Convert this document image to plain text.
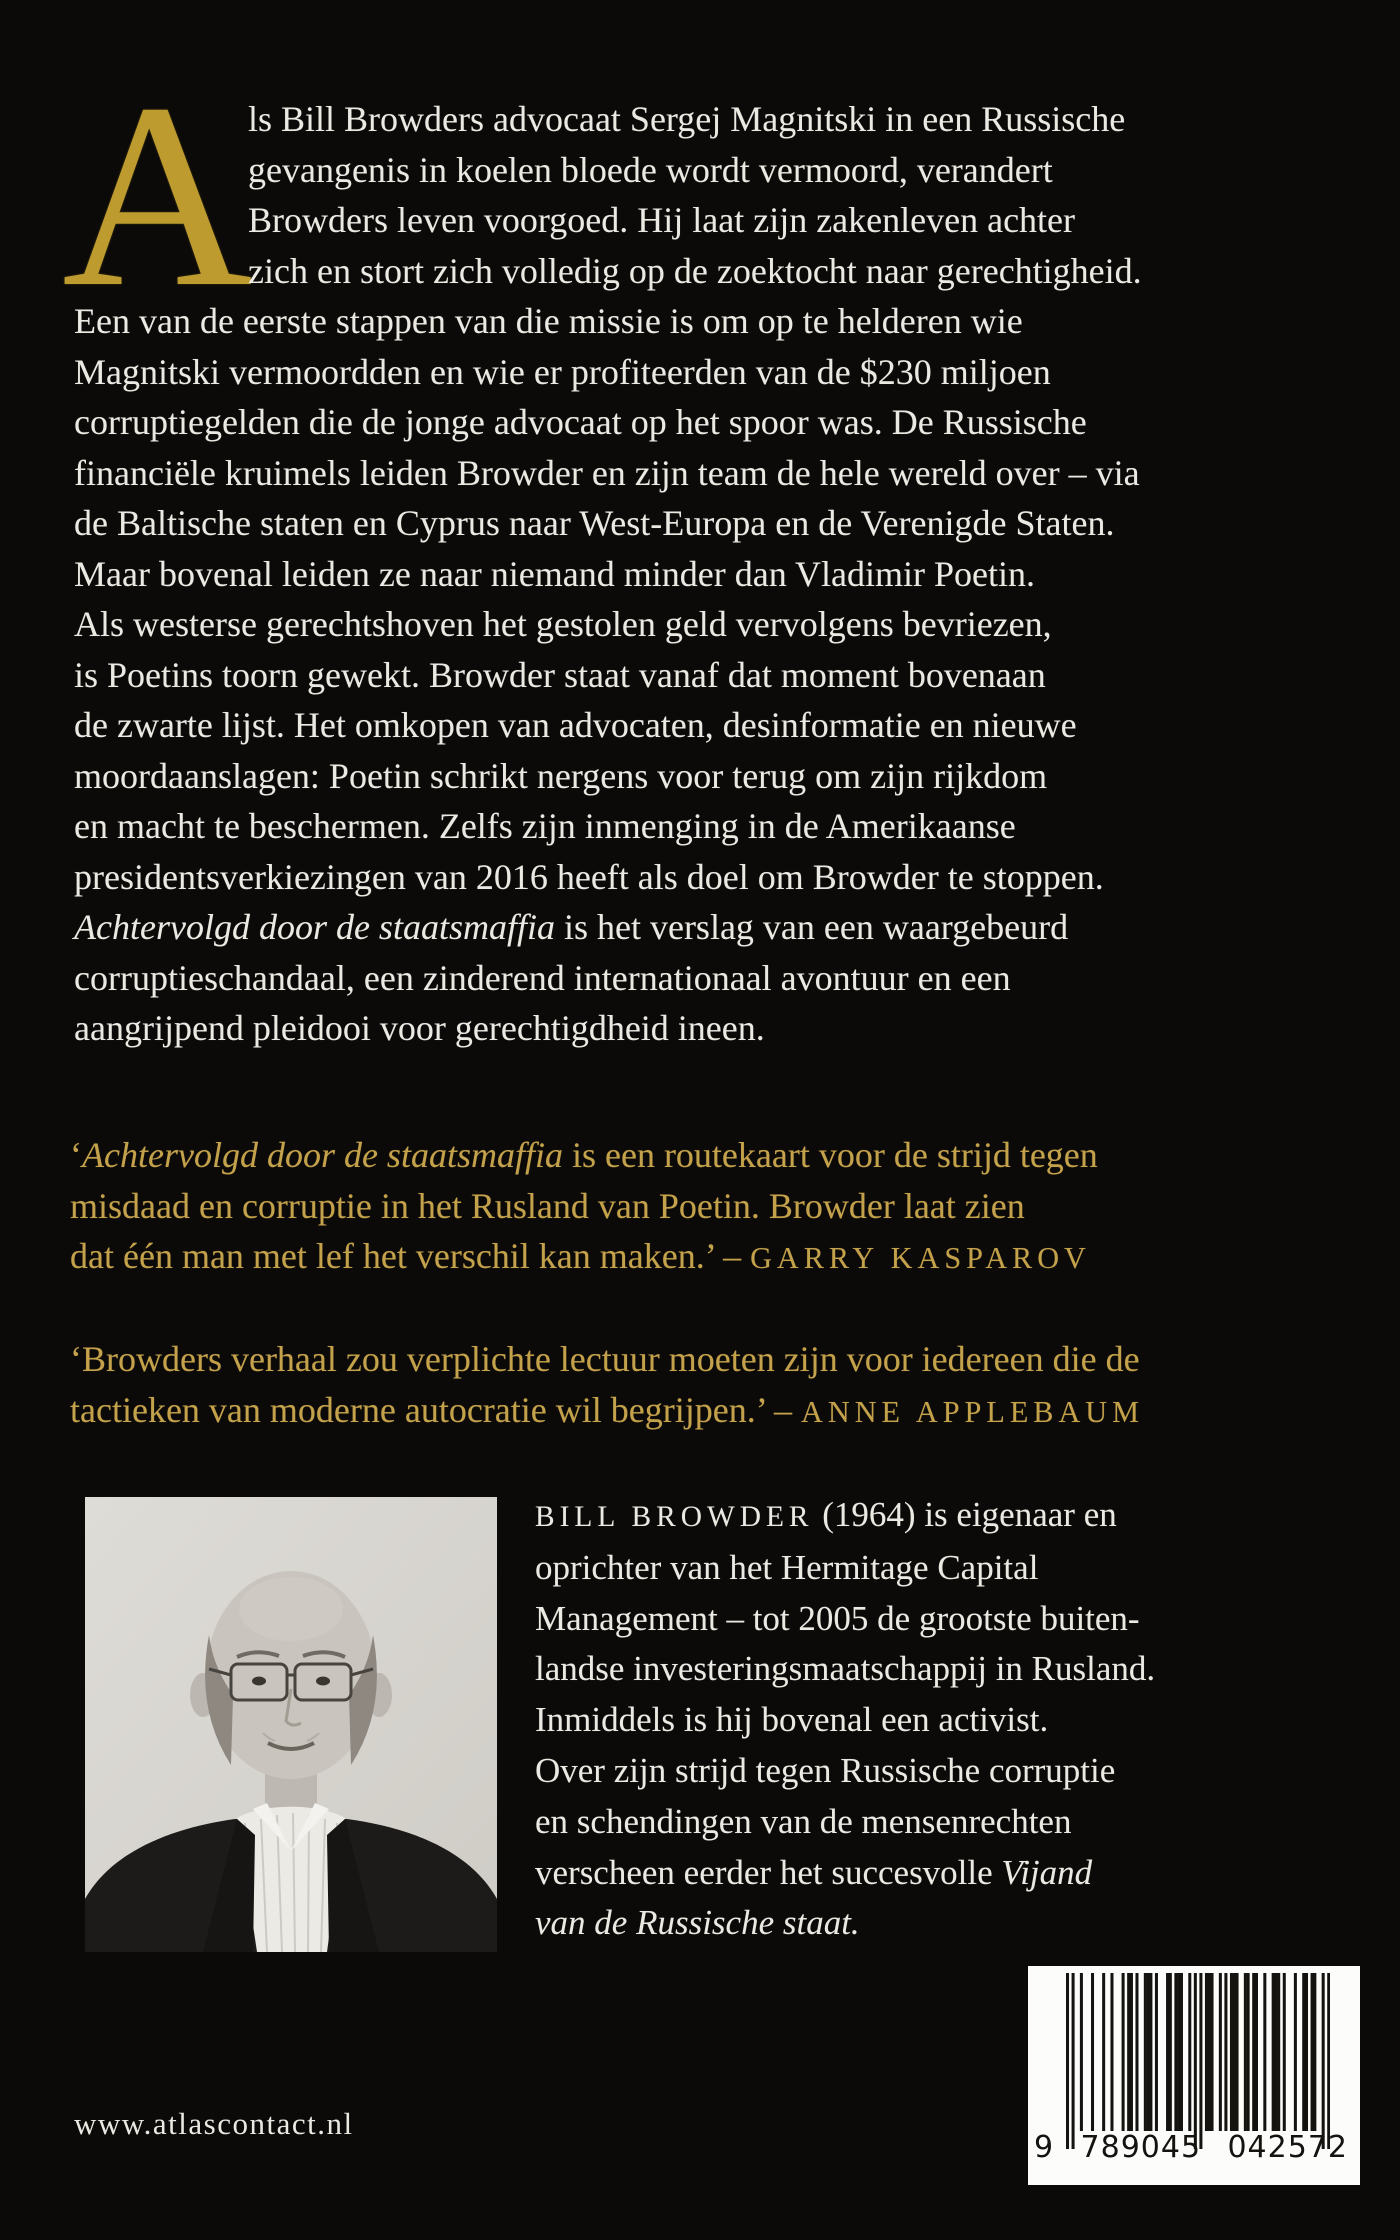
A
ls Bill Browders advocaat Sergej Magnitski in een Russische
gevangenis in koelen bloede wordt vermoord, verandert
Browders leven voorgoed. Hij laat zijn zakenleven achter
zich en stort zich volledig op de zoektocht naar gerechtigheid.
Een van de eerste stappen van die missie is om op te helderen wie
Magnitski vermoordden en wie er profiteerden van de $230 miljoen
corruptiegelden die de jonge advocaat op het spoor was. De Russische
financiële kruimels leiden Browder en zijn team de hele wereld over – via
de Baltische staten en Cyprus naar West-Europa en de Verenigde Staten.
Maar bovenal leiden ze naar niemand minder dan Vladimir Poetin.
Als westerse gerechtshoven het gestolen geld vervolgens bevriezen,
is Poetins toorn gewekt. Browder staat vanaf dat moment bovenaan
de zwarte lijst. Het omkopen van advocaten, desinformatie en nieuwe
moordaanslagen: Poetin schrikt nergens voor terug om zijn rijkdom
en macht te beschermen. Zelfs zijn inmenging in de Amerikaanse
presidentsverkiezingen van 2016 heeft als doel om Browder te stoppen.
Achtervolgd door de staatsmaffia is het verslag van een waargebeurd
corruptieschandaal, een zinderend internationaal avontuur en een
aangrijpend pleidooi voor gerechtigdheid ineen.
‘Achtervolgd door de staatsmaffia is een routekaart voor de strijd tegen
misdaad en corruptie in het Rusland van Poetin. Browder laat zien
dat één man met lef het verschil kan maken.’ – GARRY KASPAROV
‘Browders verhaal zou verplichte lectuur moeten zijn voor iedereen die de
tactieken van moderne autocratie wil begrijpen.’ – ANNE APPLEBAUM
BILL BROWDER (1964) is eigenaar en
oprichter van het Hermitage Capital
Management – tot 2005 de grootste buiten-
landse investeringsmaatschappij in Rusland.
Inmiddels is hij bovenal een activist.
Over zijn strijd tegen Russische corruptie
en schendingen van de mensenrechten
verscheen eerder het succesvolle Vijand
van de Russische staat.
www.atlascontact.nl
9 789045 042572
